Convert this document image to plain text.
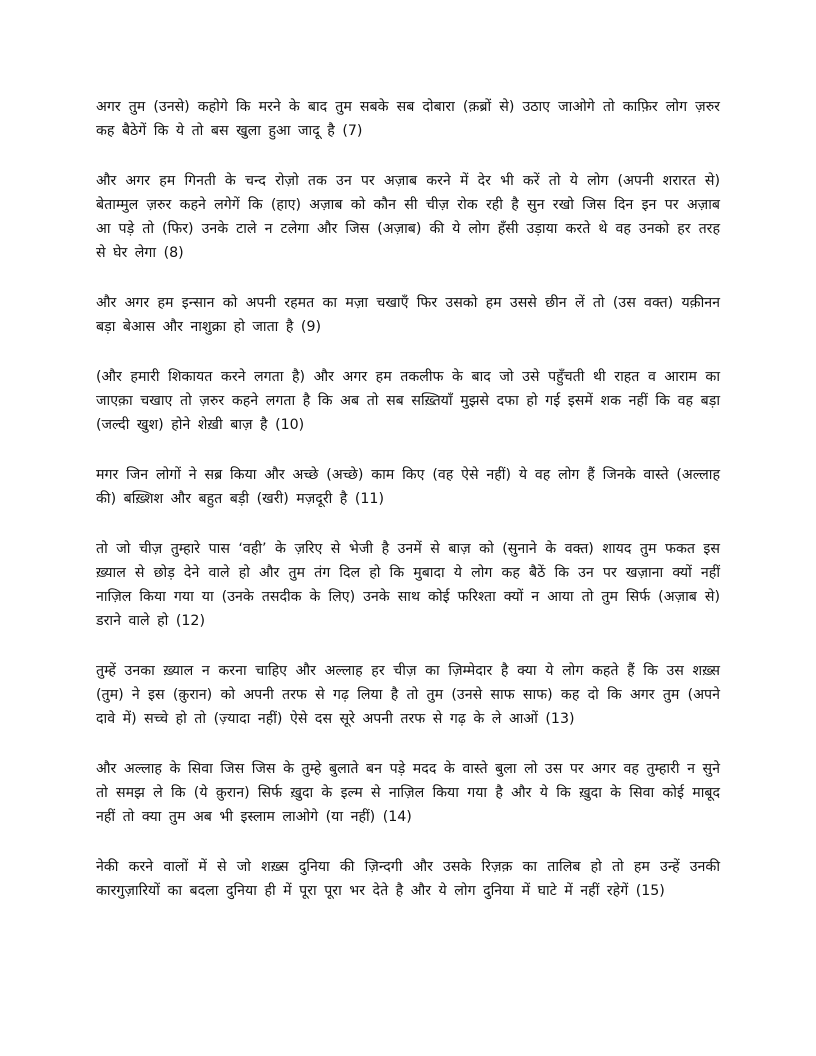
अगर तुम (उनसे) कहोगे कि मरने के बाद तुम सबके सब दोबारा (क़ब्रों से) उठाए जाओगे तो काफ़िर लोग ज़रुर कह बैठेगें कि ये तो बस खुला हुआ जादू है (7)

और अगर हम गिनती के चन्द रोज़ो तक उन पर अज़ाब करने में देर भी करें तो ये लोग (अपनी शरारत से) बेताम्मुल ज़रुर कहने लगेगें कि (हाए) अज़ाब को कौन सी चीज़ रोक रही है सुन रखो जिस दिन इन पर अज़ाब आ पड़े तो (फिर) उनके टाले न टलेगा और जिस (अज़ाब) की ये लोग हँसी उड़ाया करते थे वह उनको हर तरह से घेर लेगा (8)

और अगर हम इन्सान को अपनी रहमत का मज़ा चखाएँ फिर उसको हम उससे छीन लें तो (उस वक्त) यक़ीनन बड़ा बेआस और नाशुक्रा हो जाता है (9)

(और हमारी शिकायत करने लगता है) और अगर हम तकलीफ के बाद जो उसे पहुँचती थी राहत व आराम का जाएक़ा चखाए तो ज़रुर कहने लगता है कि अब तो सब सख़्तियाँ मुझसे दफा हो गई इसमें शक नहीं कि वह बड़ा (जल्दी खुश) होने शेख़ी बाज़ है (10)

मगर जिन लोगों ने सब्र किया और अच्छे (अच्छे) काम किए (वह ऐसे नहीं) ये वह लोग हैं जिनके वास्ते (अल्लाह की) बख़्शिश और बहुत बड़ी (खरी) मज़दूरी है (11)

तो जो चीज़ तुम्हारे पास ‘वही’ के ज़रिए से भेजी है उनमें से बाज़ को (सुनाने के वक्त) शायद तुम फकत इस ख़्याल से छोड़ देने वाले हो और तुम तंग दिल हो कि मुबादा ये लोग कह बैठें कि उन पर खज़ाना क्यों नहीं नाज़िल किया गया या (उनके तसदीक के लिए) उनके साथ कोई फरिश्ता क्यों न आया तो तुम सिर्फ (अज़ाब से) डराने वाले हो (12)

तुम्हें उनका ख़्याल न करना चाहिए और अल्लाह हर चीज़ का ज़िम्मेदार है क्या ये लोग कहते हैं कि उस शख़्स (तुम) ने इस (क़ुरान) को अपनी तरफ से गढ़ लिया है तो तुम (उनसे साफ साफ) कह दो कि अगर तुम (अपने दावे में) सच्चे हो तो (ज़्यादा नहीं) ऐसे दस सूरे अपनी तरफ से गढ़ के ले आओं (13)

और अल्लाह के सिवा जिस जिस के तुम्हे बुलाते बन पड़े मदद के वास्ते बुला लो उस पर अगर वह तुम्हारी न सुने तो समझ ले कि (ये क़ुरान) सिर्फ ख़ुदा के इल्म से नाज़िल किया गया है और ये कि ख़ुदा के सिवा कोई माबूद नहीं तो क्या तुम अब भी इस्लाम लाओगे (या नहीं) (14)

नेकी करने वालों में से जो शख़्स दुनिया की ज़िन्दगी और उसके रिज़क़ का तालिब हो तो हम उन्हें उनकी कारगुज़ारियों का बदला दुनिया ही में पूरा पूरा भर देते है और ये लोग दुनिया में घाटे में नहीं रहेगें (15)
